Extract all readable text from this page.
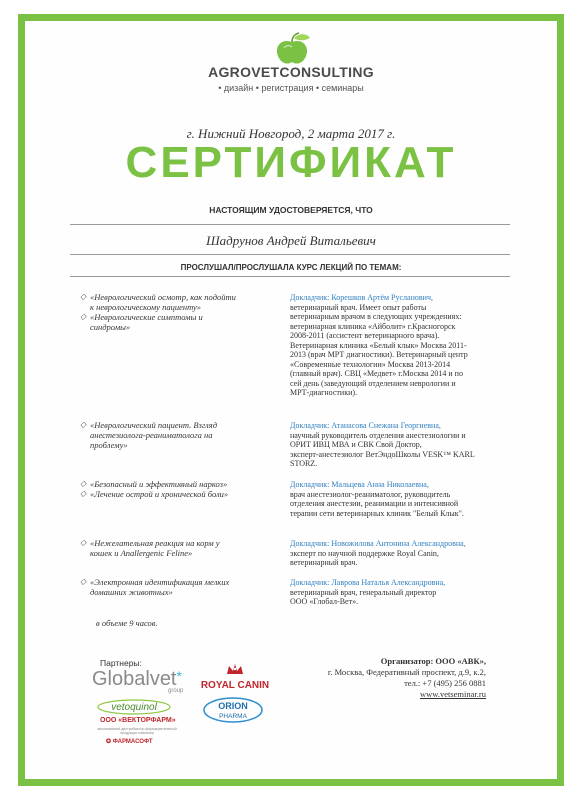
AGROVETCONSULTING
• дизайн • регистрация • семинары
г. Нижний Новгород, 2 марта 2017 г.
СЕРТИФИКАТ
НАСТОЯЩИМ УДОСТОВЕРЯЕТСЯ, ЧТО
Шадрунов Андрей Витальевич
ПРОСЛУШАЛ/ПРОСЛУШАЛА КУРС ЛЕКЦИЙ ПО ТЕМАМ:
◇ «Неврологический осмотр, как подойти
к неврологическому пациенту»
◇ «Неврологические симптомы и
синдромы»
Докладчик: Корешков Артём Русланович,
ветеринарный врач. Имеет опыт работы
ветеринарным врачом в следующих учреждениях:
ветеринарная клиника «Айболит» г.Красногорск
2008-2011 (ассистент ветеринарного врача).
Ветеринарная клиника «Белый клык» Москва 2011-
2013 (врач МРТ диагностики). Ветеринарный центр
«Современные технологии» Москва 2013-2014
(главный врач). СВЦ «Медвет» г.Москва 2014 и по
сей день (заведующий отделением неврологии и
МРТ-диагностики).
◇ «Неврологический пациент. Взгляд
анестезиолога-реаниматолога на
проблему»
Докладчик: Атанасова Снежана Георгиевна,
научный руководитель отделения анестезиологии и
ОРИТ ИВЦ МВА и СВК Свой Доктор,
эксперт-анестезиолог ВетЭндоШколы VESK™ KARL
STORZ.
◇ «Безопасный и эффективный наркоз»
◇ «Лечение острой и хронической боли»
Докладчик: Мальцева Анна Николаевна,
врач анестезиолог-реаниматолог, руководитель
отделения анестезии, реанимации и интенсивной
терапии сети ветеринарных клиник "Белый Клык".
◇ «Нежелательная реакция на корм у
кошек и Anallergenic Feline»
Докладчик: Новожилова Антонина Александровна,
эксперт по научной поддержке Royal Canin,
ветеринарный врач.
◇ «Электронная идентификация мелких
домашних животных»
Докладчик: Лаврова Наталья Александровна,
ветеринарный врач, генеральный директор
ООО «Глобал-Вет».
в объеме 9 часов.
Партнеры:
Globalvet*
group
vetoquinol
ООО «ВЕКТОРФАРМ»
эксклюзивный дистрибьютор фармацевтической продукции компании
✪ ФАРМАСОФТ
ROYAL CANIN
ORION
PHARMA
Организатор: ООО «АВК»,
г. Москва, Федеративный проспект, д.9, к.2,
тел.: +7 (495) 256 0881
www.vetseminar.ru
